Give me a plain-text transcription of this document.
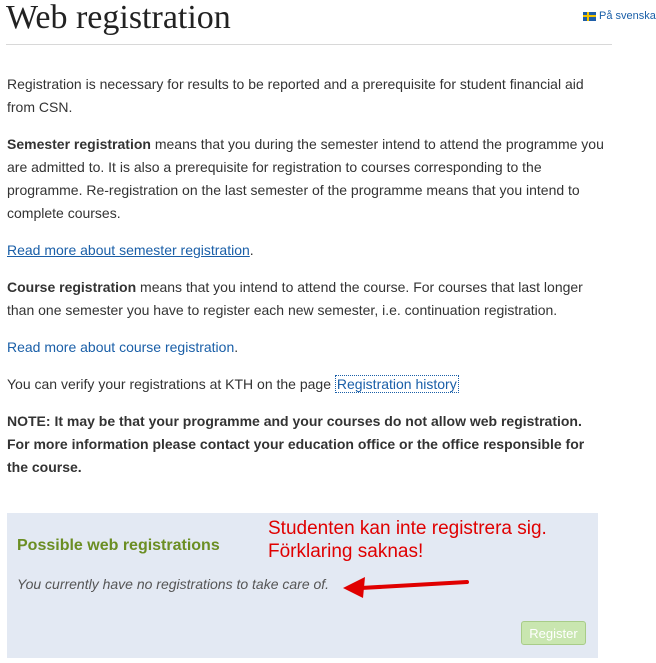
Web registration	På svenska

Registration is necessary for results to be reported and a prerequisite for student financial aid from CSN.

Semester registration means that you during the semester intend to attend the programme you are admitted to. It is also a prerequisite for registration to courses corresponding to the programme. Re-registration on the last semester of the programme means that you intend to complete courses.

Read more about semester registration.

Course registration means that you intend to attend the course. For courses that last longer than one semester you have to register each new semester, i.e. continuation registration.

Read more about course registration.

You can verify your registrations at KTH on the page Registration history

NOTE: It may be that your programme and your courses do not allow web registration. For more information please contact your education office or the office responsible for the course.

Possible web registrations
You currently have no registrations to take care of.
Studenten kan inte registrera sig.
Förklaring saknas!
Register
